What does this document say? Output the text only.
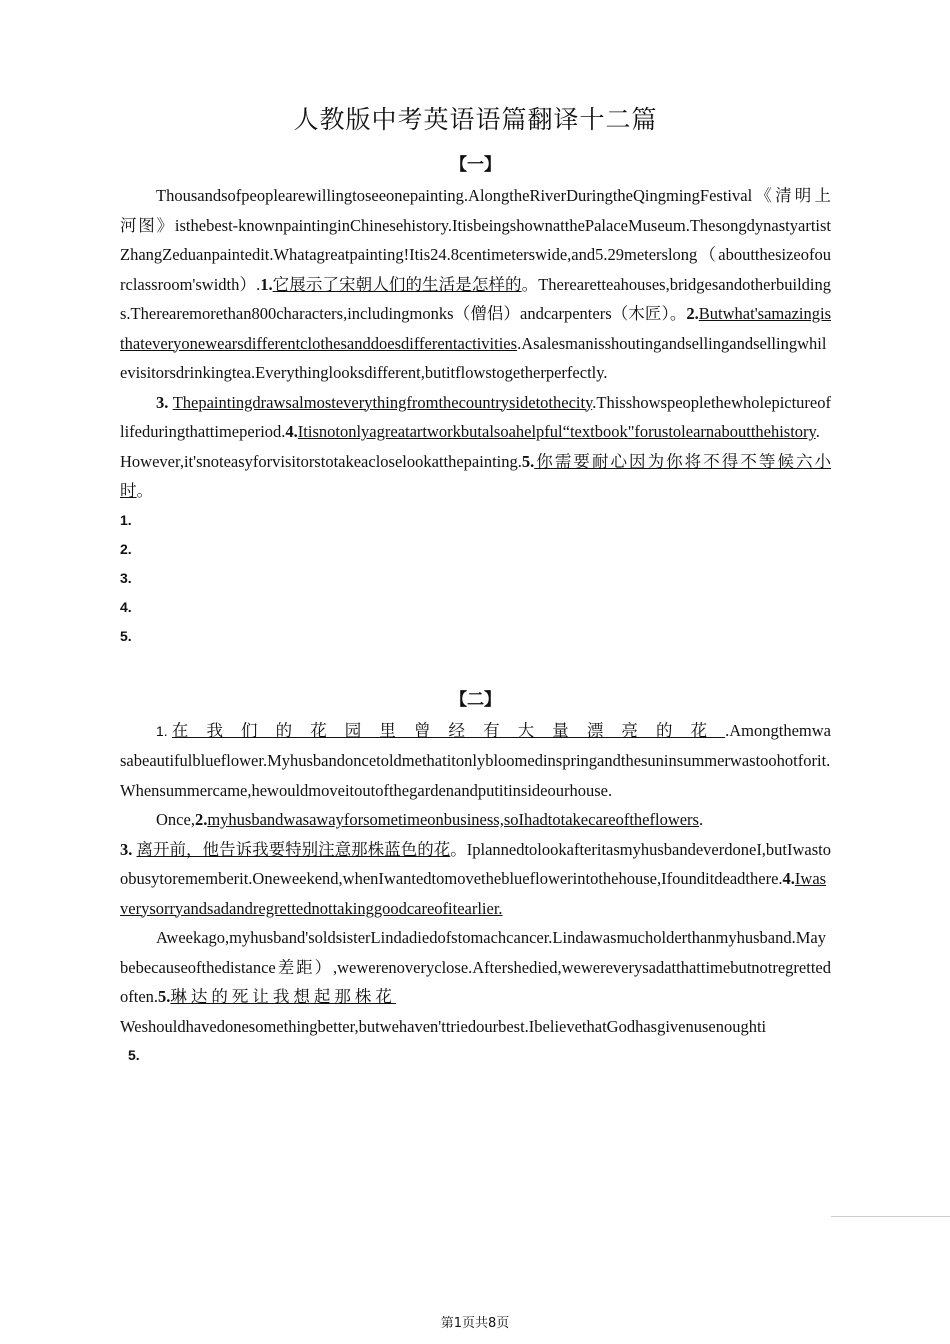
人教版中考英语语篇翻译十二篇
【一】

Thousandsofpeoplearewillingtoseeonepainting.AlongtheRiverDuringtheQingmingFestival《清明上河图》isthebest-knownpaintinginChinesehistory.ItisbeingshownatthePalaceMuseum.ThesongdynastyartistZhangZeduanpaintedit.Whatagreatpainting!Itis24.8centimeterswide,and5.29meterslong（aboutthesizeofourclassroom'swidth）.1.它展示了宋朝人们的生活是怎样的。Therearetteahouses,bridgesandotherbuildings.Therearemorethan800characters,includingmonks（僧侣）andcarpenters（木匠）。2.Butwhat'samazingisthateveryonewearsdifferentclothesanddoesdifferentactivities.Asalesmanisshoutingandsellingandsellingwhilevisitorsdrinkingtea.Everythinglooksdifferent,butitflowstogetherperfectly.

3. Thepaintingdrawsalmosteverythingfromthecountrysidetothecity.Thisshowspeoplethewholepictureoflifeduringthattimeperiod.4.Itisnotonlyagreatartworkbutalsoahelpful“textbook"forustolearnaboutthehistory.However,it'snoteasyforvisitorstotakeacloselookatthepainting.5.你需要耐心因为你将不得不等候六小时。

1.
2.
3.
4.
5.
【二】

1. 在我们的花园里曾经有大量漂亮的花.Amongthemwasabeautifulblueflower.Myhusbandoncetoldmethatitonlybloomedinspringandthesuninsummerwastoohotforit.Whensummercame,hewouldmoveitoutofthegardenandputitinsideourhouse.

Once,2.myhusbandwasawayforsometimeonbusiness,soIhadtotakecareoftheflowers.

3. 离开前，他告诉我要特别注意那株蓝色的花。IplannedtolookafteritasmyhusbandeverdoneI,butIwastoobusytorememberit.Oneweekend,whenIwantedtomovetheblueflowerintothehouse,Ifounditdeadthere.4.Iwasverysorryandsadandregrettednottakinggoodcareofitearlier.

Aweekago,myhusband'soldsisterLindadiedofstomachcancer.Lindawasmucholderthanmyhusband.Maybebecauseofthedistance差距）,wewerenoveryclose.Aftershedied,wewereverysadatthattimebutnotregrettedoften.5.琳达的死让我想起那株花

Weshouldhavedonesomethingbetter,butwehaven'ttriedourbest.IbelievethatGodhasgivenusenoughti

5.
第1页共8页
